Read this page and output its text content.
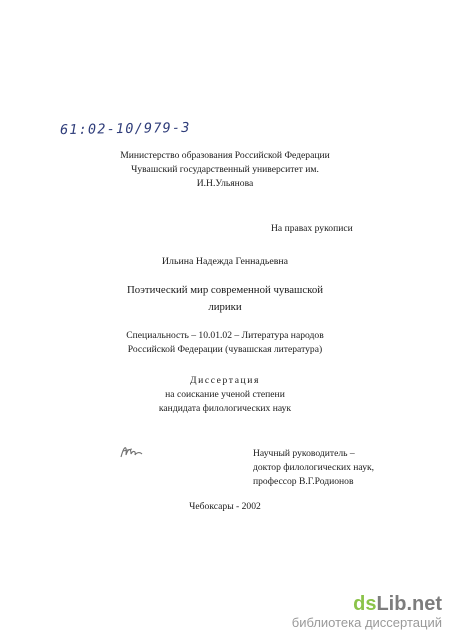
61:02-10/979-3
Министерство образования Российской Федерации
Чувашский государственный университет им.
И.Н.Ульянова
На правах рукописи
Ильина Надежда Геннадьевна
Поэтический мир современной чувашской
лирики
Специальность – 10.01.02 – Литература народов
Российской Федерации (чувашская литература)
Диссертация
на соискание ученой степени
кандидата филологических наук
Научный руководитель –
доктор филологических наук,
профессор В.Г.Родионов
Чебоксары - 2002
dsLib.net
библиотека диссертаций
